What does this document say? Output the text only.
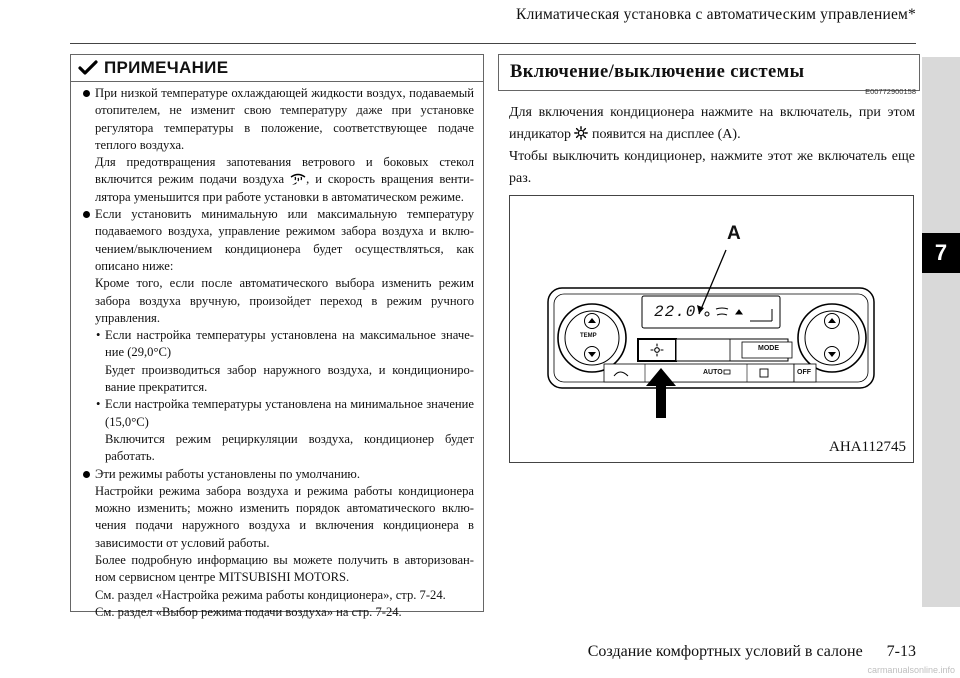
Климатическая установка с автоматическим управлением*
7
ПРИМЕЧАНИЕ
При низкой температуре охлаждающей жидкости воздух, подаваемый отопителем, не изменит свою температуру даже при установке регулятора температуры в положение, соответствующее подаче теплого воздуха.
Для предотвращения запотевания ветрового и боковых стекол включится режим подачи воздуха , и скорость вращения вентилятора уменьшится при работе установки в автоматическом режиме.
Если установить минимальную или максимальную температуру подаваемого воздуха, управление режимом забора воздуха и включением/выключением кондиционера будет осуществляться, как описано ниже:
Кроме того, если после автоматического выбора изменить режим забора воздуха вручную, произойдет переход в режим ручного управления.
• Если настройка температуры установлена на максимальное значение (29,0°C)
Будет производиться забор наружного воздуха, и кондиционирование прекратится.
• Если настройка температуры установлена на минимальное значение (15,0°C)
Включится режим рециркуляции воздуха, кондиционер будет работать.
Эти режимы работы установлены по умолчанию.
Настройки режима забора воздуха и режима работы кондиционера можно изменить; можно изменить порядок автоматического включения подачи наружного воздуха и включения кондиционера в зависимости от условий работы.
Более подробную информацию вы можете получить в авторизованном сервисном центре MITSUBISHI MOTORS.
См. раздел «Настройка режима работы кондиционера», стр. 7-24.
См. раздел «Выбор режима подачи воздуха» на стр. 7-24.
Включение/выключение системы
E00772900158

Для включения кондиционера нажмите на включатель, при этом индикатор появится на дисплее (A).

Чтобы выключить кондиционер, нажмите этот же включатель еще раз.

A
22.0
TEMP
MODE
AUTO	OFF
AHA112745
Создание комфортных условий в салоне 7-13
carmanualsonline.info
